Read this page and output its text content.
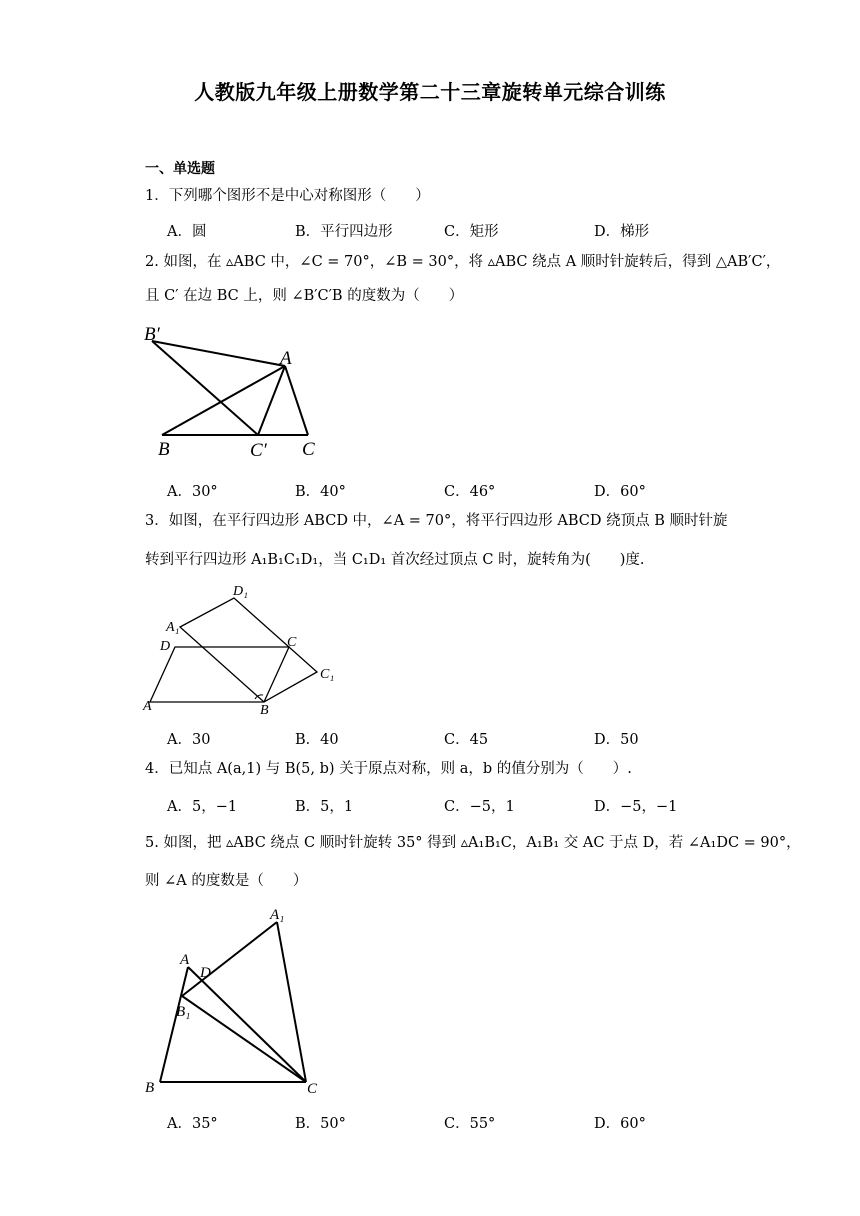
人教版九年级上册数学第二十三章旋转单元综合训练
一、单选题
1．下列哪个图形不是中心对称图形（　　）
A．圆	B．平行四边形	C．矩形	D．梯形
2. 如图，在 ▵ABC 中，∠C = 70°，∠B = 30°，将 ▵ABC 绕点 A 顺时针旋转后，得到 △AB′C′，
且 C′ 在边 BC 上，则 ∠B′C′B 的度数为（　　）
B′
A
B	C′ C
A．30°	B．40°	C．46°	D．60°
3．如图，在平行四边形 ABCD 中，∠A = 70°，将平行四边形 ABCD 绕顶点 B 顺时针旋
转到平行四边形 A₁B₁C₁D₁，当 C₁D₁ 首次经过顶点 C 时，旋转角为(　　)度.
D₁
A₁
D	C
C₁
A	B
A．30	B．40	C．45	D．50
4．已知点 A(a,1) 与 B(5, b) 关于原点对称，则 a，b 的值分别为（　　）.
A．5，−1	B．5，1	C．−5，1	D．−5，−1
5. 如图，把 ▵ABC 绕点 C 顺时针旋转 35° 得到 ▵A₁B₁C，A₁B₁ 交 AC 于点 D，若 ∠A₁DC = 90°，
则 ∠A 的度数是（　　）
A₁
A
D
B₁
B	C
A．35°	B．50°	C．55°	D．60°
